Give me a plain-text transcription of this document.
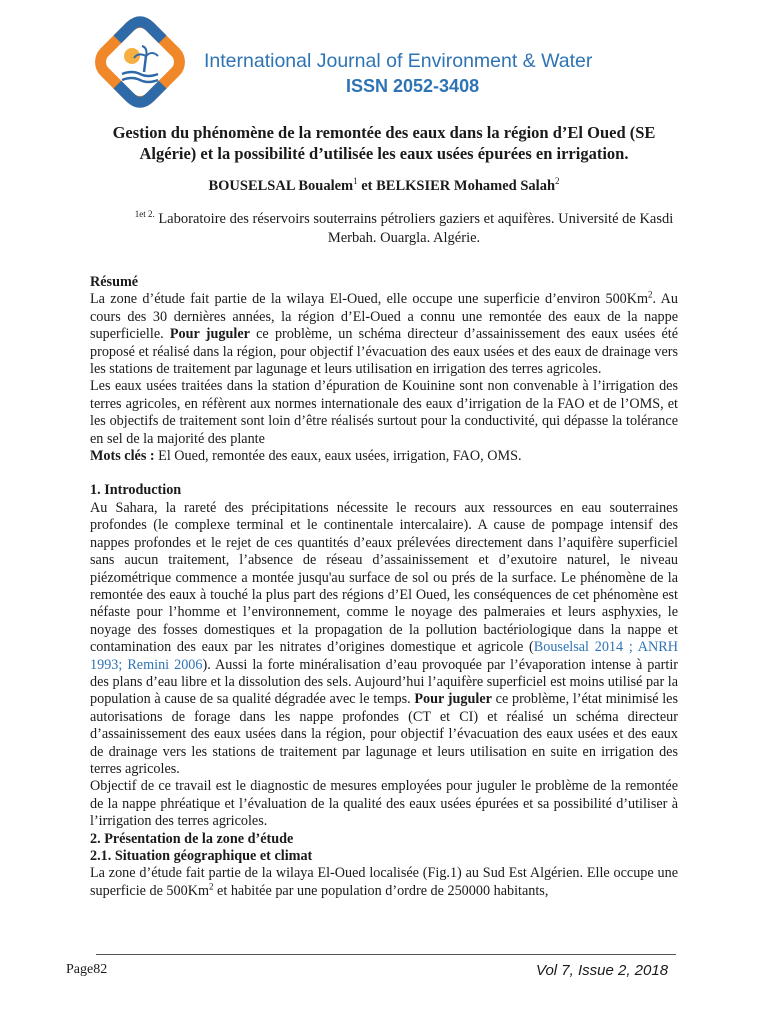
International Journal of Environment & Water
ISSN 2052-3408
Gestion du phénomène de la remontée des eaux dans la région d’El Oued (SE Algérie) et la possibilité d’utilisée les eaux usées épurées en irrigation.
BOUSELSAL Boualem$^1$ et BELKSIER Mohamed Salah$^2$
$^{1et 2.}$ Laboratoire des réservoirs souterrains pétroliers gaziers et aquifères. Université de Kasdi Merbah. Ouargla. Algérie.

Résumé

La zone d’étude fait partie de la wilaya El-Oued, elle occupe une superficie d’environ 500Km$^2$. Au cours des 30 dernières années, la région d’El-Oued a connu une remontée des eaux de la nappe superficielle. Pour juguler ce problème, un schéma directeur d’assainissement des eaux usées été proposé et réalisé dans la région, pour objectif l’évacuation des eaux usées et des eaux de drainage vers les stations de traitement par lagunage et leurs utilisation en irrigation des terres agricoles.

Les eaux usées traitées dans la station d’épuration de Kouinine sont non convenable à l’irrigation des terres agricoles, en réfèrent aux normes internationale des eaux d’irrigation de la FAO et de l’OMS, et les objectifs de traitement sont loin d’être réalisés surtout pour la conductivité, qui dépasse la tolérance en sel de la majorité des plante

Mots clés : El Oued, remontée des eaux, eaux usées, irrigation, FAO, OMS.

1. Introduction

Au Sahara, la rareté des précipitations nécessite le recours aux ressources en eau souterraines profondes (le complexe terminal et le continentale intercalaire). A cause de pompage intensif des nappes profondes et le rejet de ces quantités d’eaux prélevées directement dans l’aquifère superficiel sans aucun traitement, l’absence de réseau d’assainissement et d’exutoire naturel, le niveau piézométrique commence a montée jusqu'au surface de sol ou prés de la surface. Le phénomène de la remontée des eaux à touché la plus part des régions d’El Oued, les conséquences de cet phénomène est néfaste pour l’homme et l’environnement, comme le noyage des palmeraies et leurs asphyxies, le noyage des fosses domestiques et la propagation de la pollution bactériologique dans la nappe et contamination des eaux par les nitrates d’origines domestique et agricole (Bouselsal 2014 ; ANRH 1993; Remini 2006). Aussi la forte minéralisation d’eau provoquée par l’évaporation intense à partir des plans d’eau libre et la dissolution des sels. Aujourd’hui l’aquifère superficiel est moins utilisé par la population à cause de sa qualité dégradée avec le temps. Pour juguler ce problème, l’état minimisé les autorisations de forage dans les nappe profondes (CT et CI) et réalisé un schéma directeur d’assainissement des eaux usées dans la région, pour objectif l’évacuation des eaux usées et des eaux de drainage vers les stations de traitement par lagunage et leurs utilisation en suite en irrigation des terres agricoles.

Objectif de ce travail est le diagnostic de mesures employées pour juguler le problème de la remontée de la nappe phréatique et l’évaluation de la qualité des eaux usées épurées et sa possibilité d’utiliser à l’irrigation des terres agricoles.

2. Présentation de la zone d’étude

2.1. Situation géographique et climat

La zone d’étude fait partie de la wilaya El-Oued localisée (Fig.1) au Sud Est Algérien. Elle occupe une superficie de 500Km$^2$ et habitée par une population d’ordre de 250000 habitants,

Page82	Vol 7, Issue 2, 2018
